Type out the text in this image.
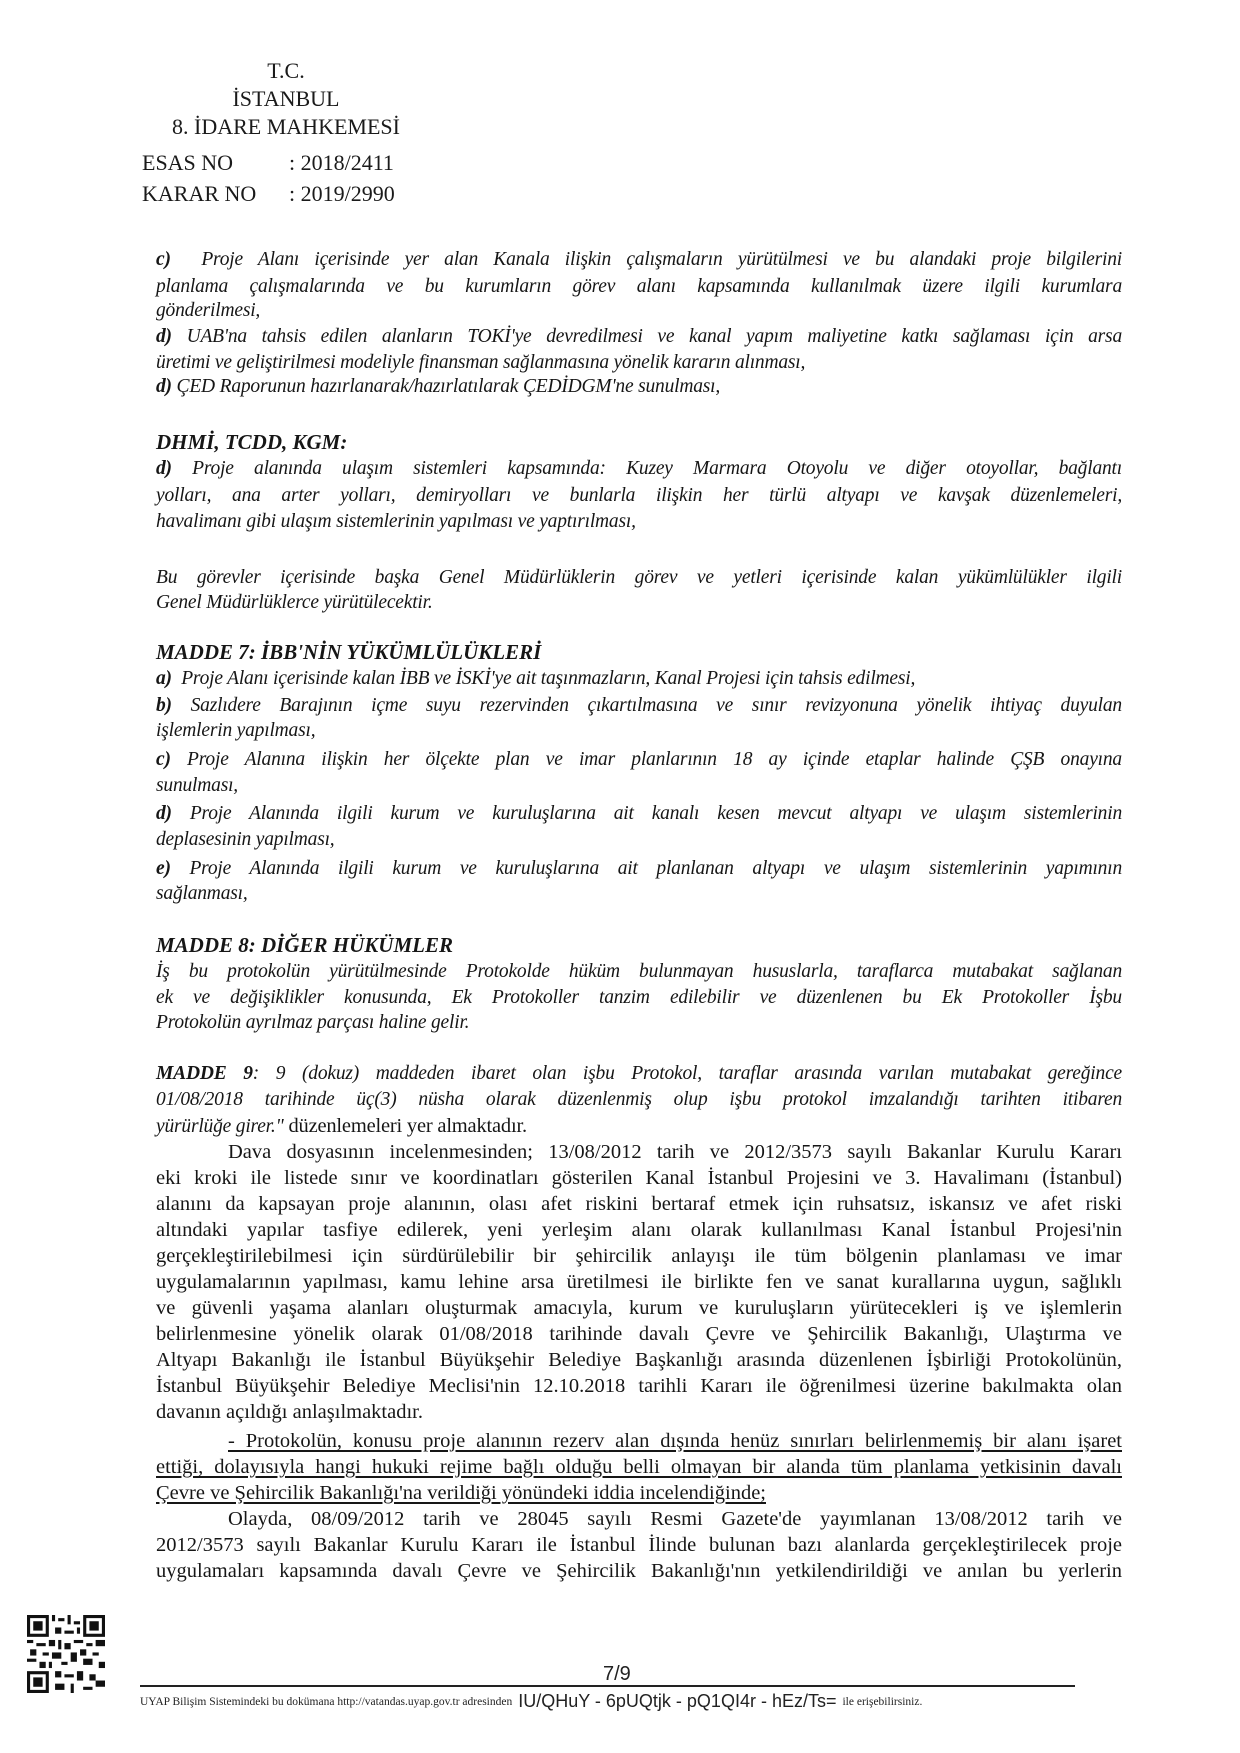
T.C.
İSTANBUL
8. İDARE MAHKEMESİ
ESAS NO	: 2018/2411
KARAR NO : 2019/2990
c) Proje Alanı içerisinde yer alan Kanala ilişkin çalışmaların yürütülmesi ve bu alandaki proje bilgilerini
planlama çalışmalarında ve bu kurumların görev alanı kapsamında kullanılmak üzere ilgili kurumlara
gönderilmesi,
d) UAB'na tahsis edilen alanların TOKİ'ye devredilmesi ve kanal yapım maliyetine katkı sağlaması için arsa
üretimi ve geliştirilmesi modeliyle finansman sağlanmasına yönelik kararın alınması,
d) ÇED Raporunun hazırlanarak/hazırlatılarak ÇEDİDGM'ne sunulması,
DHMİ, TCDD, KGM:
d) Proje alanında ulaşım sistemleri kapsamında: Kuzey Marmara Otoyolu ve diğer otoyollar, bağlantı
yolları, ana arter yolları, demiryolları ve bunlarla ilişkin her türlü altyapı ve kavşak düzenlemeleri,
havalimanı gibi ulaşım sistemlerinin yapılması ve yaptırılması,
Bu görevler içerisinde başka Genel Müdürlüklerin görev ve yetleri içerisinde kalan yükümlülükler ilgili
Genel Müdürlüklerce yürütülecektir.
MADDE 7: İBB'NİN YÜKÜMLÜLÜKLERİ
a) Proje Alanı içerisinde kalan İBB ve İSKİ'ye ait taşınmazların, Kanal Projesi için tahsis edilmesi,
b) Sazlıdere Barajının içme suyu rezervinden çıkartılmasına ve sınır revizyonuna yönelik ihtiyaç duyulan
işlemlerin yapılması,
c) Proje Alanına ilişkin her ölçekte plan ve imar planlarının 18 ay içinde etaplar halinde ÇŞB onayına
sunulması,
d) Proje Alanında ilgili kurum ve kuruluşlarına ait kanalı kesen mevcut altyapı ve ulaşım sistemlerinin
deplasesinin yapılması,
e) Proje Alanında ilgili kurum ve kuruluşlarına ait planlanan altyapı ve ulaşım sistemlerinin yapımının
sağlanması,
MADDE 8: DİĞER HÜKÜMLER
İş bu protokolün yürütülmesinde Protokolde hüküm bulunmayan hususlarla, taraflarca mutabakat sağlanan
ek ve değişiklikler konusunda, Ek Protokoller tanzim edilebilir ve düzenlenen bu Ek Protokoller İşbu
Protokolün ayrılmaz parçası haline gelir.
MADDE 9: 9 (dokuz) maddeden ibaret olan işbu Protokol, taraflar arasında varılan mutabakat gereğince
01/08/2018 tarihinde üç(3) nüsha olarak düzenlenmiş olup işbu protokol imzalandığı tarihten itibaren
yürürlüğe girer." düzenlemeleri yer almaktadır.
Dava dosyasının incelenmesinden; 13/08/2012 tarih ve 2012/3573 sayılı Bakanlar Kurulu Kararı
eki kroki ile listede sınır ve koordinatları gösterilen Kanal İstanbul Projesini ve 3. Havalimanı (İstanbul)
alanını da kapsayan proje alanının, olası afet riskini bertaraf etmek için ruhsatsız, iskansız ve afet riski
altındaki yapılar tasfiye edilerek, yeni yerleşim alanı olarak kullanılması Kanal İstanbul Projesi'nin
gerçekleştirilebilmesi için sürdürülebilir bir şehircilik anlayışı ile tüm bölgenin planlaması ve imar
uygulamalarının yapılması, kamu lehine arsa üretilmesi ile birlikte fen ve sanat kurallarına uygun, sağlıklı
ve güvenli yaşama alanları oluşturmak amacıyla, kurum ve kuruluşların yürütecekleri iş ve işlemlerin
belirlenmesine yönelik olarak 01/08/2018 tarihinde davalı Çevre ve Şehircilik Bakanlığı, Ulaştırma ve
Altyapı Bakanlığı ile İstanbul Büyükşehir Belediye Başkanlığı arasında düzenlenen İşbirliği Protokolünün,
İstanbul Büyükşehir Belediye Meclisi'nin 12.10.2018 tarihli Kararı ile öğrenilmesi üzerine bakılmakta olan
davanın açıldığı anlaşılmaktadır.
- Protokolün, konusu proje alanının rezerv alan dışında henüz sınırları belirlenmemiş bir alanı işaret
ettiği, dolayısıyla hangi hukuki rejime bağlı olduğu belli olmayan bir alanda tüm planlama yetkisinin davalı
Çevre ve Şehircilik Bakanlığı'na verildiği yönündeki iddia incelendiğinde;
Olayda, 08/09/2012 tarih ve 28045 sayılı Resmi Gazete'de yayımlanan 13/08/2012 tarih ve
2012/3573 sayılı Bakanlar Kurulu Kararı ile İstanbul İlinde bulunan bazı alanlarda gerçekleştirilecek proje
uygulamaları kapsamında davalı Çevre ve Şehircilik Bakanlığı'nın yetkilendirildiği ve anılan bu yerlerin
7/9
UYAP Bilişim Sistemindeki bu dokümana http://vatandas.uyap.gov.tr adresinden IU/QHuY - 6pUQtjk - pQ1QI4r - hEz/Ts= ile erişebilirsiniz.
